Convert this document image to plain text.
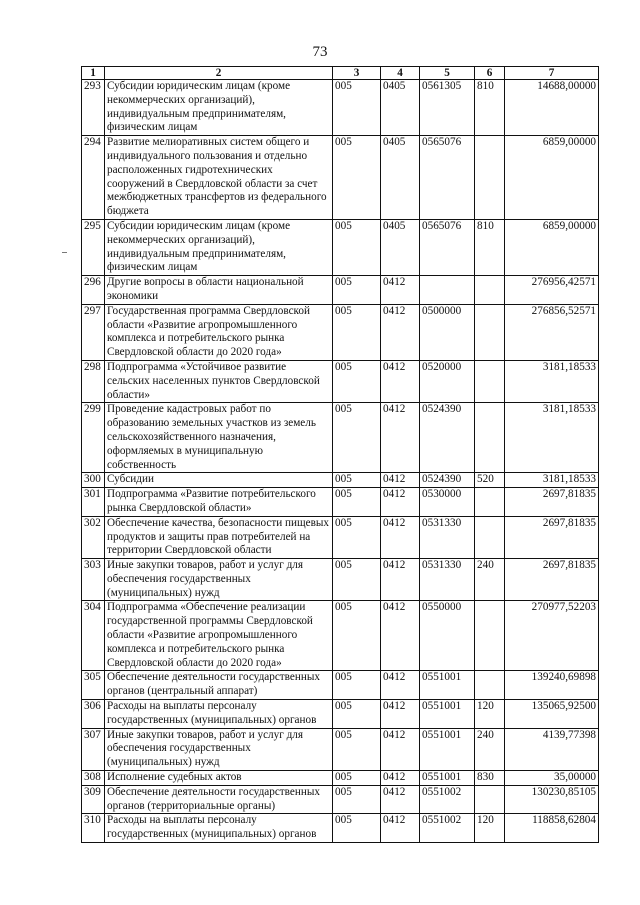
73
1	2	3	4	5	6	7
293	Субсидии юридическим лицам (кроме некоммерческих организаций), индивидуальным предпринимателям, физическим лицам	005	0405	0561305	810	14688,00000
294	Развитие мелиоративных систем общего и индивидуального пользования и отдельно расположенных гидротехнических сооружений в Свердловской области за счет межбюджетных трансфертов из федерального бюджета	005	0405	0565076		6859,00000
295	Субсидии юридическим лицам (кроме некоммерческих организаций), индивидуальным предпринимателям, физическим лицам	005	0405	0565076	810	6859,00000
296	Другие вопросы в области национальной экономики	005	0412			276956,42571
297	Государственная программа Свердловской области «Развитие агропромышленного комплекса и потребительского рынка Свердловской области до 2020 года»	005	0412	0500000		276856,52571
298	Подпрограмма «Устойчивое развитие сельских населенных пунктов Свердловской области»	005	0412	0520000		3181,18533
299	Проведение кадастровых работ по образованию земельных участков из земель сельскохозяйственного назначения, оформляемых в муниципальную собственность	005	0412	0524390		3181,18533
300	Субсидии	005	0412	0524390	520	3181,18533
301	Подпрограмма «Развитие потребительского рынка Свердловской области»	005	0412	0530000		2697,81835
302	Обеспечение качества, безопасности пищевых продуктов и защиты прав потребителей на территории Свердловской области	005	0412	0531330		2697,81835
303	Иные закупки товаров, работ и услуг для обеспечения государственных (муниципальных) нужд	005	0412	0531330	240	2697,81835
304	Подпрограмма «Обеспечение реализации государственной программы Свердловской области «Развитие агропромышленного комплекса и потребительского рынка Свердловской области до 2020 года»	005	0412	0550000		270977,52203
305	Обеспечение деятельности государственных органов (центральный аппарат)	005	0412	0551001		139240,69898
306	Расходы на выплаты персоналу государственных (муниципальных) органов	005	0412	0551001	120	135065,92500
307	Иные закупки товаров, работ и услуг для обеспечения государственных (муниципальных) нужд	005	0412	0551001	240	4139,77398
308	Исполнение судебных актов	005	0412	0551001	830	35,00000
309	Обеспечение деятельности государственных органов (территориальные органы)	005	0412	0551002		130230,85105
310	Расходы на выплаты персоналу государственных (муниципальных) органов	005	0412	0551002	120	118858,62804
